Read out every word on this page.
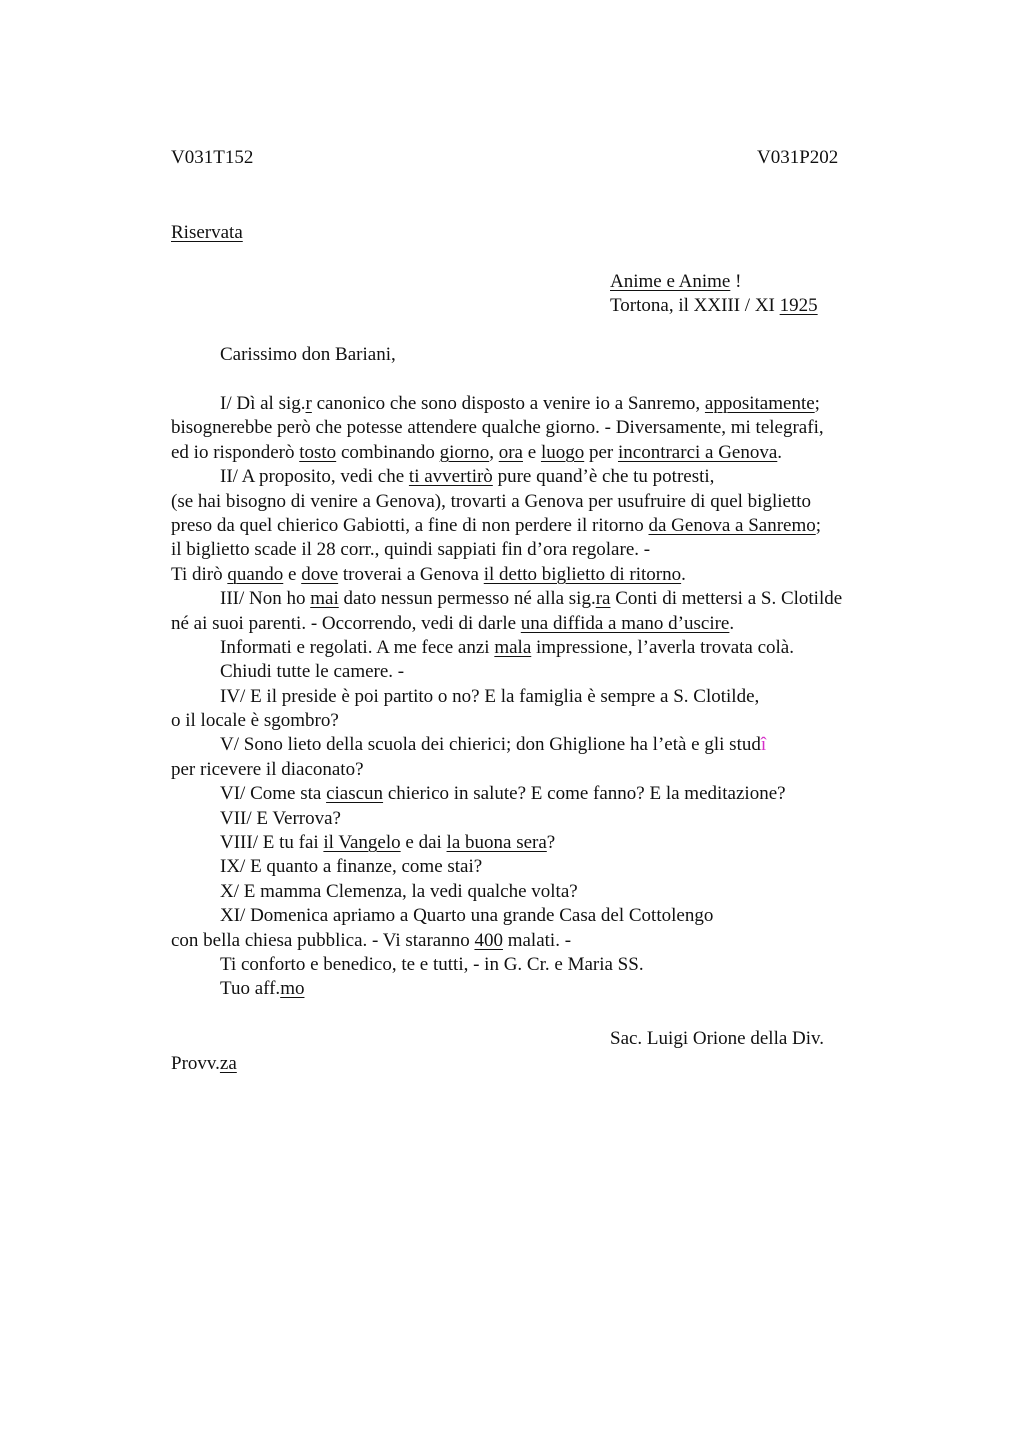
V031T152	V031P202
Riservata
Anime e Anime !
Tortona, il XXIII / XI 1925
Carissimo don Bariani,
I/ Dì al sig.r canonico che sono disposto a venire io a Sanremo, appositamente;
bisognerebbe però che potesse attendere qualche giorno. - Diversamente, mi telegrafi,
ed io risponderò tosto combinando giorno, ora e luogo per incontrarci a Genova.
II/ A proposito, vedi che ti avvertirò pure quand’è che tu potresti,
(se hai bisogno di venire a Genova), trovarti a Genova per usufruire di quel biglietto
preso da quel chierico Gabiotti, a fine di non perdere il ritorno da Genova a Sanremo;
il biglietto scade il 28 corr., quindi sappiati fin d’ora regolare. -
Ti dirò quando e dove troverai a Genova il detto biglietto di ritorno.
III/ Non ho mai dato nessun permesso né alla sig.ra Conti di mettersi a S. Clotilde
né ai suoi parenti. - Occorrendo, vedi di darle una diffida a mano d’uscire.
Informati e regolati. A me fece anzi mala impressione, l’averla trovata colà.
Chiudi tutte le camere. -
IV/ E il preside è poi partito o no? E la famiglia è sempre a S. Clotilde,
o il locale è sgombro?
V/ Sono lieto della scuola dei chierici; don Ghiglione ha l’età e gli studî
per ricevere il diaconato?
VI/ Come sta ciascun chierico in salute? E come fanno? E la meditazione?
VII/ E Verrova?
VIII/ E tu fai il Vangelo e dai la buona sera?
IX/ E quanto a finanze, come stai?
X/ E mamma Clemenza, la vedi qualche volta?
XI/ Domenica apriamo a Quarto una grande Casa del Cottolengo
con bella chiesa pubblica. - Vi staranno 400 malati. -
Ti conforto e benedico, te e tutti, - in G. Cr. e Maria SS.
Tuo aff.mo
Sac. Luigi Orione della Div.
Provv.za
